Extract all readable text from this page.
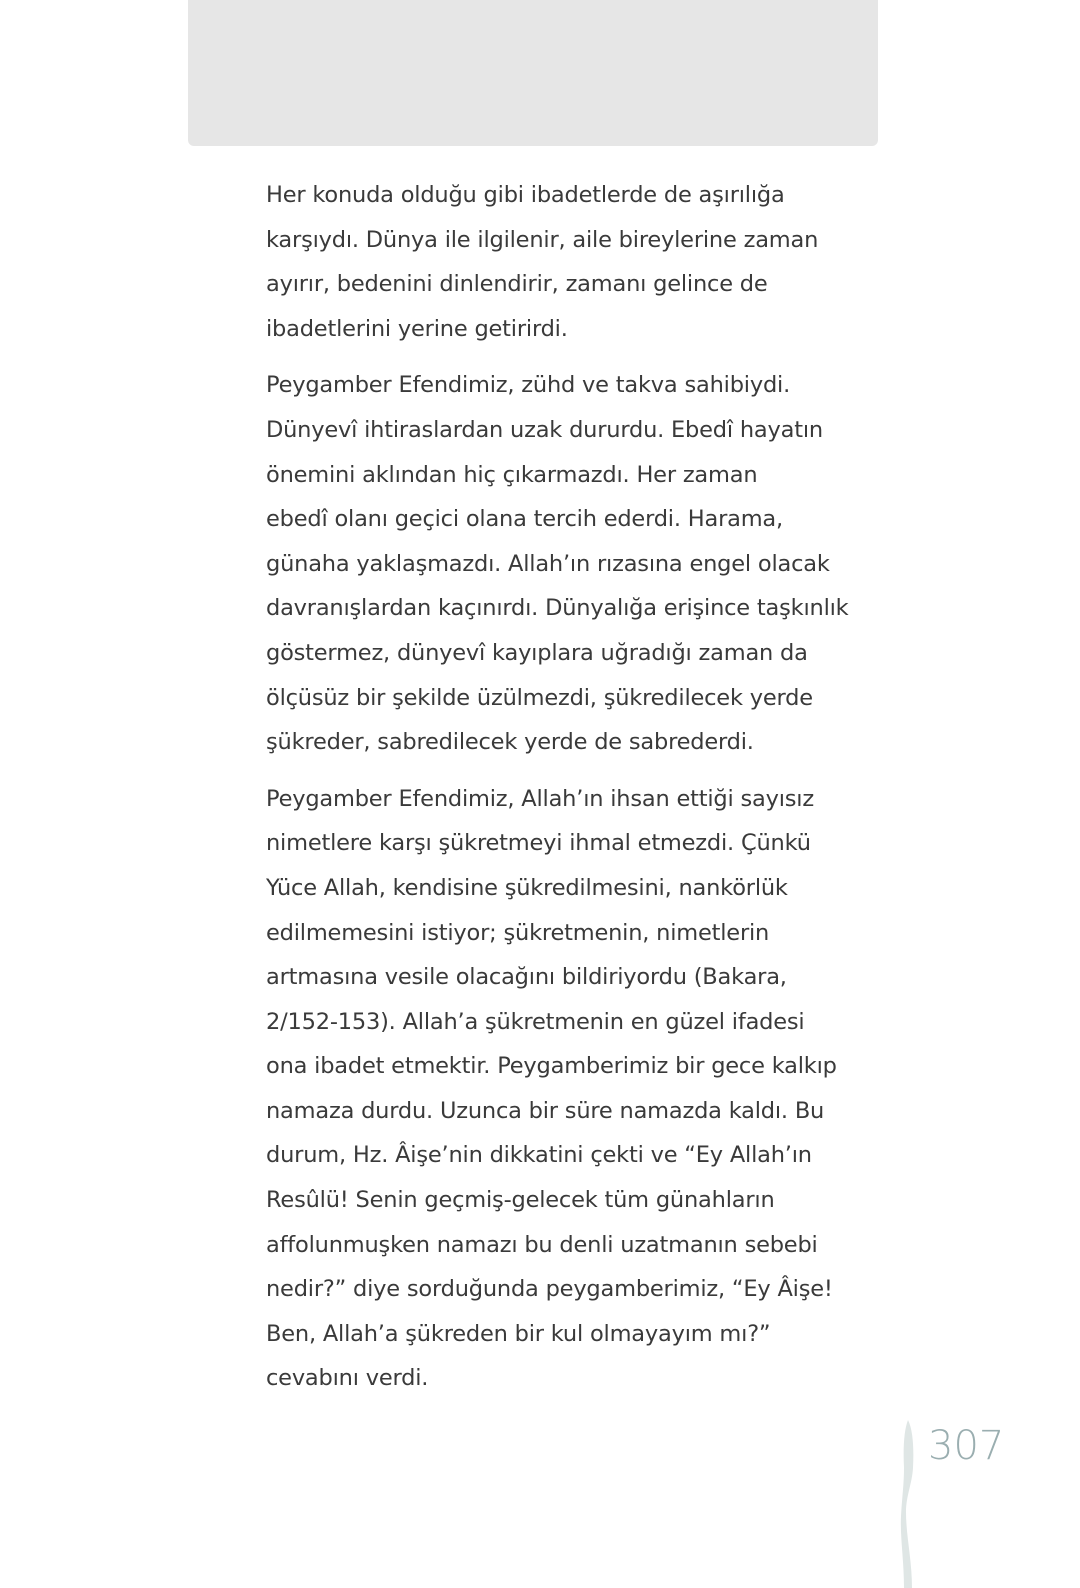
Her konuda olduğu gibi ibadetlerde de aşırılığa
karşıydı. Dünya ile ilgilenir, aile bireylerine zaman
ayırır, bedenini dinlendirir, zamanı gelince de
ibadetlerini yerine getirirdi.

Peygamber Efendimiz, zühd ve takva sahibiydi.
Dünyevî ihtiraslardan uzak dururdu. Ebedî hayatın
önemini aklından hiç çıkarmazdı. Her zaman
ebedî olanı geçici olana tercih ederdi. Harama,
günaha yaklaşmazdı. Allah’ın rızasına engel olacak
davranışlardan kaçınırdı. Dünyalığa erişince taşkınlık
göstermez, dünyevî kayıplara uğradığı zaman da
ölçüsüz bir şekilde üzülmezdi, şükredilecek yerde
şükreder, sabredilecek yerde de sabrederdi.

Peygamber Efendimiz, Allah’ın ihsan ettiği sayısız
nimetlere karşı şükretmeyi ihmal etmezdi. Çünkü
Yüce Allah, kendisine şükredilmesini, nankörlük
edilmemesini istiyor; şükretmenin, nimetlerin
artmasına vesile olacağını bildiriyordu (Bakara,
2/152-153). Allah’a şükretmenin en güzel ifadesi
ona ibadet etmektir. Peygamberimiz bir gece kalkıp
namaza durdu. Uzunca bir süre namazda kaldı. Bu
durum, Hz. Âişe’nin dikkatini çekti ve “Ey Allah’ın
Resûlü! Senin geçmiş-gelecek tüm günahların
affolunmuşken namazı bu denli uzatmanın sebebi
nedir?” diye sorduğunda peygamberimiz, “Ey Âişe!
Ben, Allah’a şükreden bir kul olmayayım mı?”
cevabını verdi.

307
